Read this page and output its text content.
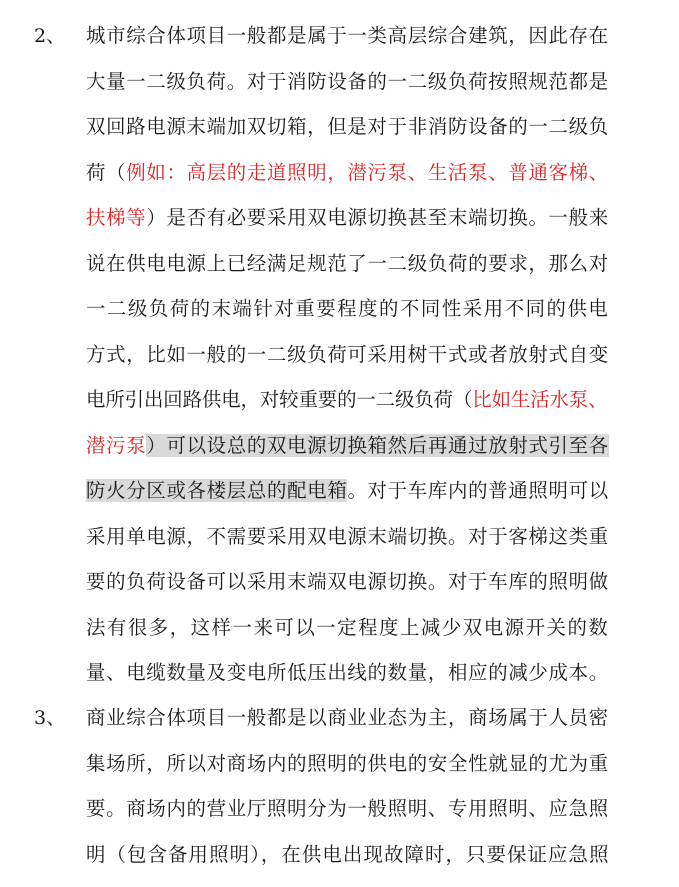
2、 城市综合体项目一般都是属于一类高层综合建筑，因此存在
大量一二级负荷。对于消防设备的一二级负荷按照规范都是
双回路电源末端加双切箱，但是对于非消防设备的一二级负
荷（例如：高层的走道照明，潜污泵、生活泵、普通客梯、
扶梯等）是否有必要采用双电源切换甚至末端切换。一般来
说在供电电源上已经满足规范了一二级负荷的要求，那么对
一二级负荷的末端针对重要程度的不同性采用不同的供电
方式，比如一般的一二级负荷可采用树干式或者放射式自变
电所引出回路供电，对较重要的一二级负荷（比如生活水泵、
潜污泵）可以设总的双电源切换箱然后再通过放射式引至各
防火分区或各楼层总的配电箱。对于车库内的普通照明可以
采用单电源，不需要采用双电源末端切换。对于客梯这类重
要的负荷设备可以采用末端双电源切换。对于车库的照明做
法有很多，这样一来可以一定程度上减少双电源开关的数
量、电缆数量及变电所低压出线的数量，相应的减少成本。
3、 商业综合体项目一般都是以商业业态为主，商场属于人员密
集场所，所以对商场内的照明的供电的安全性就显的尤为重
要。商场内的营业厅照明分为一般照明、专用照明、应急照
明（包含备用照明），在供电出现故障时，只要保证应急照
